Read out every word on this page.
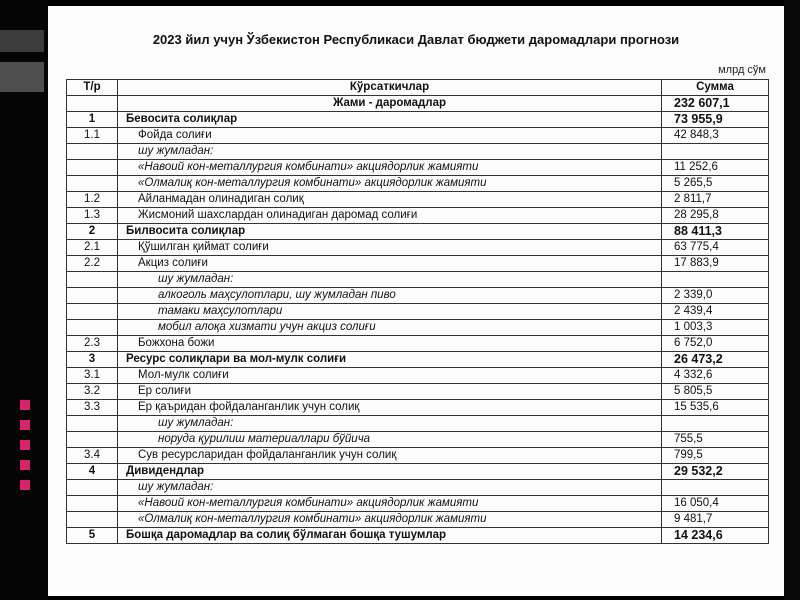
2023 йил учун Ўзбекистон Республикаси Давлат бюджети даромадлари прогнози
млрд сўм
Т/р	Кўрсаткичлар	Сумма
	Жами - даромадлар	232 607,1
1	Бевосита солиқлар	73 955,9
1.1	Фойда солиғи	42 848,3
	шу жумладан:	
	«Навоий кон-металлургия комбинати» акциядорлик жамияти	11 252,6
	«Олмалиқ кон-металлургия комбинати» акциядорлик жамияти	5 265,5
1.2	Айланмадан олинадиган солиқ	2 811,7
1.3	Жисмоний шахслардан олинадиган даромад солиғи	28 295,8
2	Билвосита солиқлар	88 411,3
2.1	Қўшилган қиймат солиғи	63 775,4
2.2	Акциз солиғи	17 883,9
	шу жумладан:	
	алкоголь маҳсулотлари, шу жумладан пиво	2 339,0
	тамаки маҳсулотлари	2 439,4
	мобил алоқа хизмати учун акциз солиғи	1 003,3
2.3	Божхона божи	6 752,0
3	Ресурс солиқлари ва мол-мулк солиғи	26 473,2
3.1	Мол-мулк солиғи	4 332,6
3.2	Ер солиғи	5 805,5
3.3	Ер қаъридан фойдаланганлик учун солиқ	15 535,6
	шу жумладан:	
	норуда қурилиш материаллари бўйича	755,5
3.4	Сув ресурсларидан фойдаланганлик учун солиқ	799,5
4	Дивидендлар	29 532,2
	шу жумладан:	
	«Навоий кон-металлургия комбинати» акциядорлик жамияти	16 050,4
	«Олмалиқ кон-металлургия комбинати» акциядорлик жамияти	9 481,7
5	Бошқа даромадлар ва солиқ бўлмаган бошқа тушумлар	14 234,6
